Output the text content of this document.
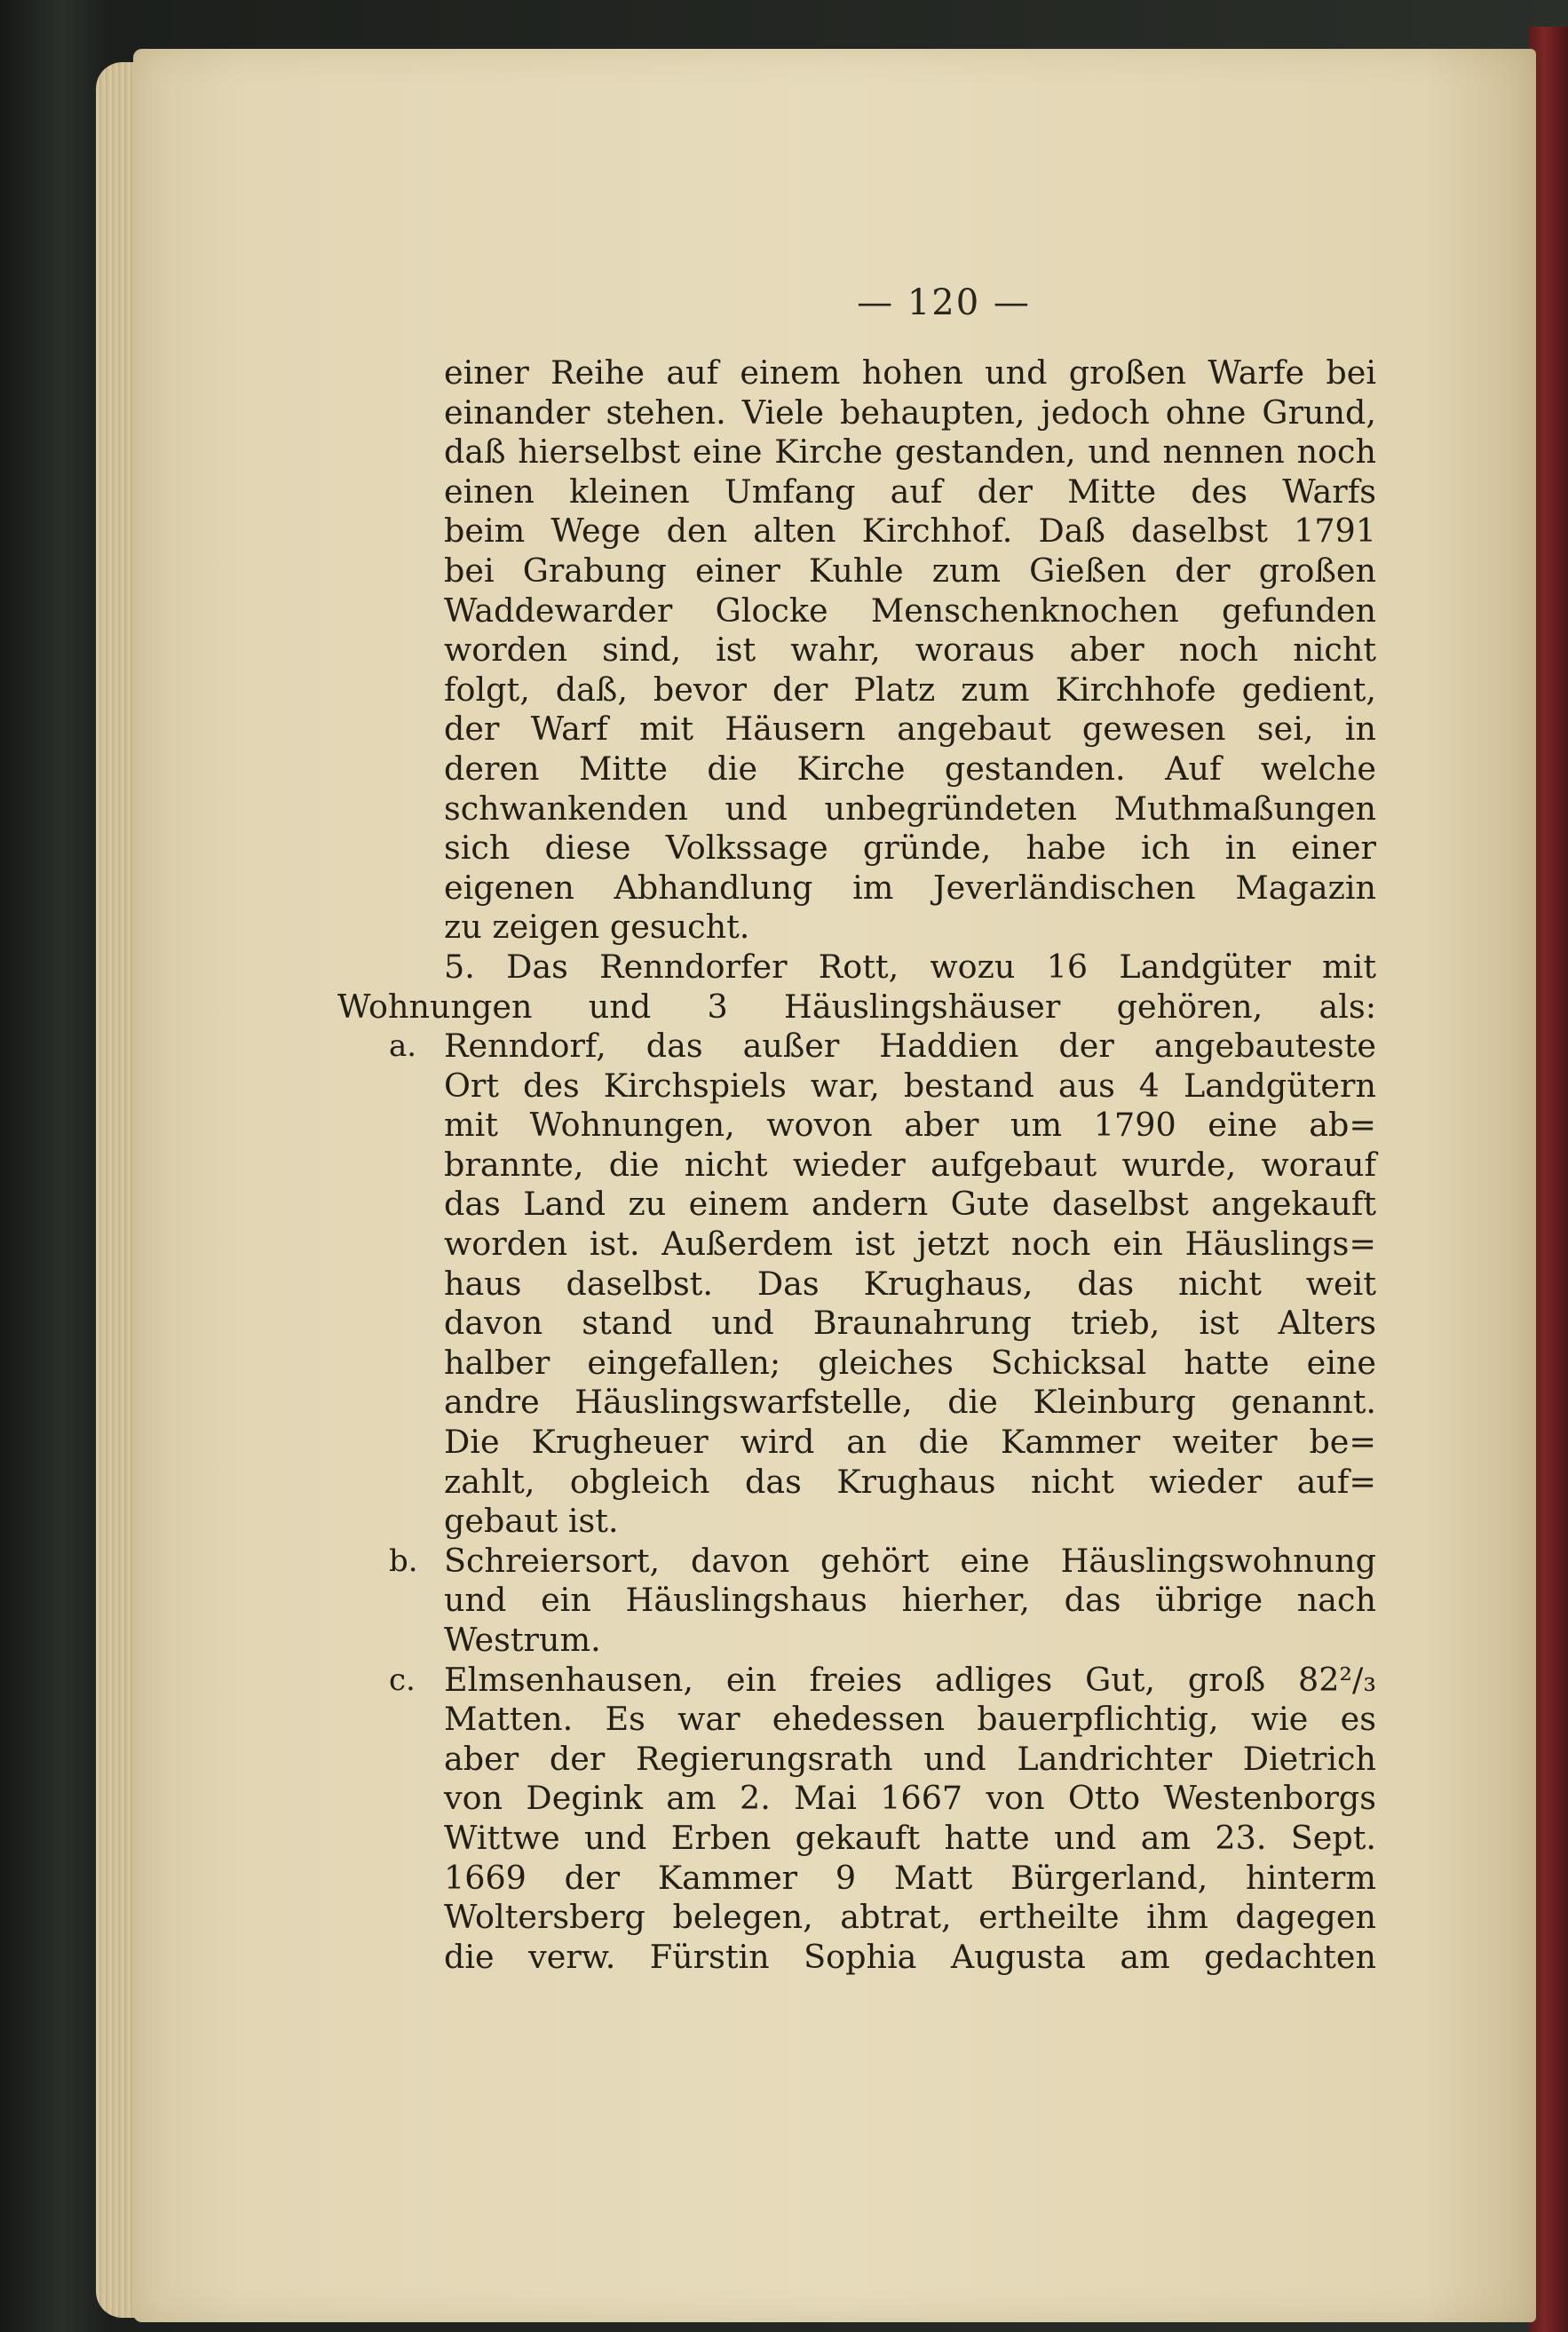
— 120 —
einer Reihe auf einem hohen und großen Warfe bei
einander stehen. Viele behaupten, jedoch ohne Grund,
daß hierselbst eine Kirche gestanden, und nennen noch
einen kleinen Umfang auf der Mitte des Warfs
beim Wege den alten Kirchhof. Daß daselbst 1791
bei Grabung einer Kuhle zum Gießen der großen
Waddewarder Glocke Menschenknochen gefunden
worden sind, ist wahr, woraus aber noch nicht
folgt, daß, bevor der Platz zum Kirchhofe gedient,
der Warf mit Häusern angebaut gewesen sei, in
deren Mitte die Kirche gestanden. Auf welche
schwankenden und unbegründeten Muthmaßungen
sich diese Volkssage gründe, habe ich in einer
eigenen Abhandlung im Jeverländischen Magazin
zu zeigen gesucht.
5. Das Renndorfer Rott, wozu 16 Landgüter mit
Wohnungen und 3 Häuslingshäuser gehören, als:
a. Renndorf, das außer Haddien der angebauteste
Ort des Kirchspiels war, bestand aus 4 Landgütern
mit Wohnungen, wovon aber um 1790 eine ab=
brannte, die nicht wieder aufgebaut wurde, worauf
das Land zu einem andern Gute daselbst angekauft
worden ist. Außerdem ist jetzt noch ein Häuslings=
haus daselbst. Das Krughaus, das nicht weit
davon stand und Braunahrung trieb, ist Alters
halber eingefallen; gleiches Schicksal hatte eine
andre Häuslingswarfstelle, die Kleinburg genannt.
Die Krugheuer wird an die Kammer weiter be=
zahlt, obgleich das Krughaus nicht wieder auf=
gebaut ist.
b. Schreiersort, davon gehört eine Häuslingswohnung
und ein Häuslingshaus hierher, das übrige nach
Westrum.
c. Elmsenhausen, ein freies adliges Gut, groß 82²/₃
Matten. Es war ehedessen bauerpflichtig, wie es
aber der Regierungsrath und Landrichter Dietrich
von Degink am 2. Mai 1667 von Otto Westenborgs
Wittwe und Erben gekauft hatte und am 23. Sept.
1669 der Kammer 9 Matt Bürgerland, hinterm
Woltersberg belegen, abtrat, ertheilte ihm dagegen
die verw. Fürstin Sophia Augusta am gedachten
